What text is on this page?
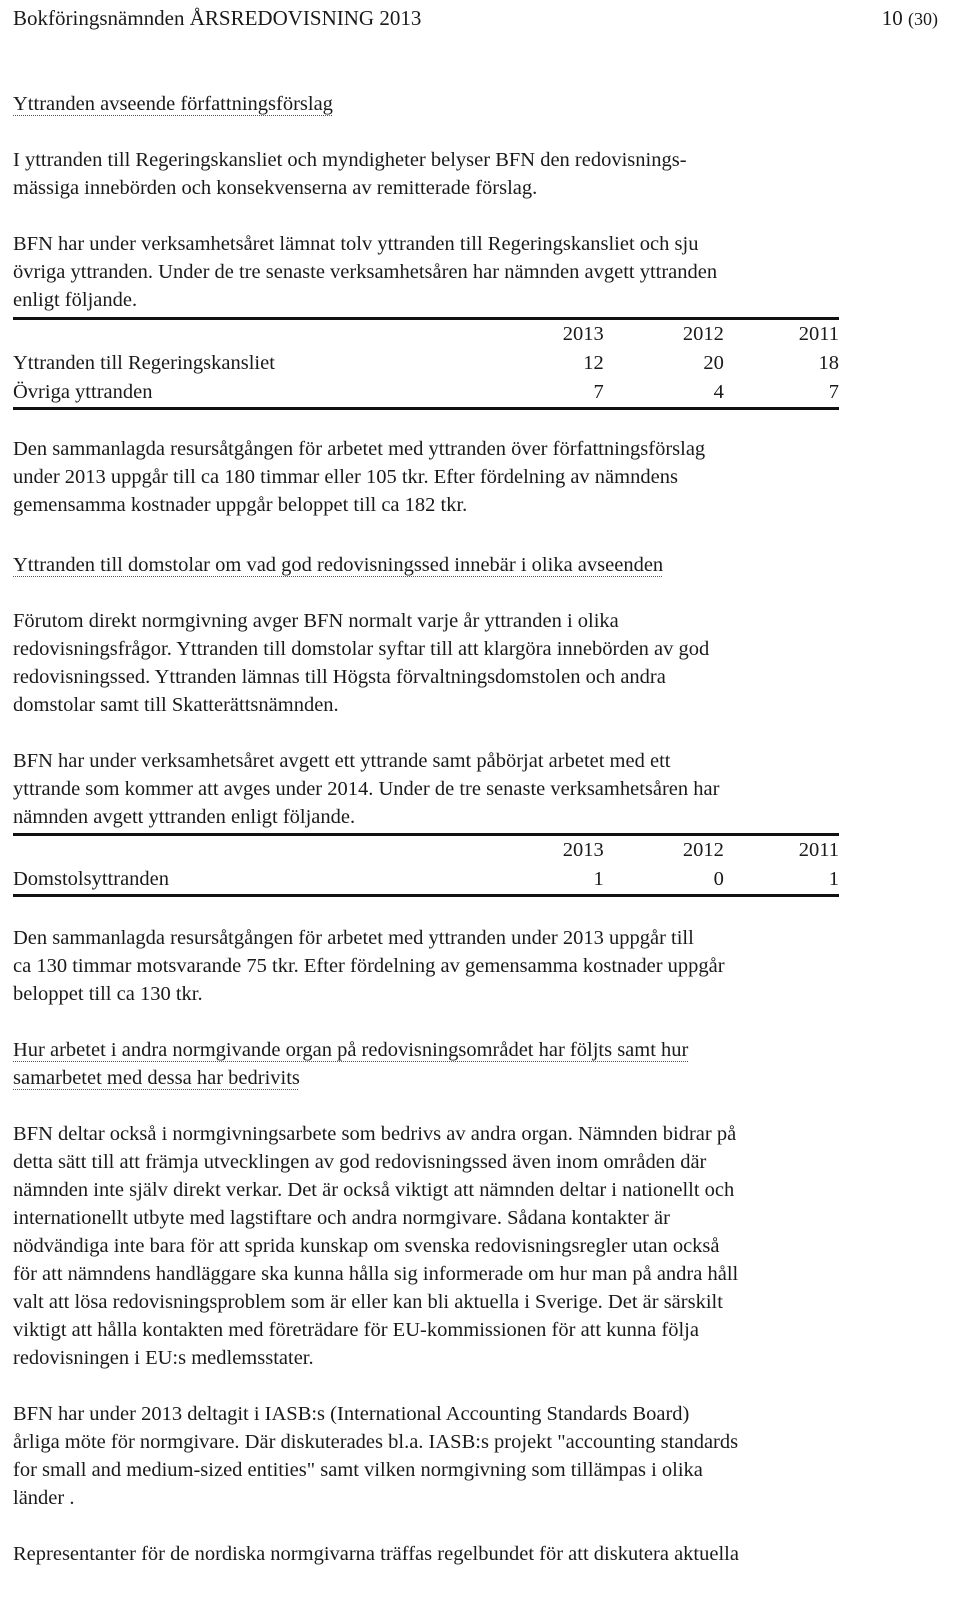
Bokföringsnämnden ÅRSREDOVISNING 2013	10 (30)
Yttranden avseende författningsförslag
I yttranden till Regeringskansliet och myndigheter belyser BFN den redovisnings-
mässiga innebörden och konsekvenserna av remitterade förslag.
BFN har under verksamhetsåret lämnat tolv yttranden till Regeringskansliet och sju
övriga yttranden. Under de tre senaste verksamhetsåren har nämnden avgett yttranden
enligt följande.
	2013	2012	2011
Yttranden till Regeringskansliet	12	20	18
Övriga yttranden	7	4	7
Den sammanlagda resursåtgången för arbetet med yttranden över författningsförslag
under 2013 uppgår till ca 180 timmar eller 105 tkr. Efter fördelning av nämndens
gemensamma kostnader uppgår beloppet till ca 182 tkr.
Yttranden till domstolar om vad god redovisningssed innebär i olika avseenden
Förutom direkt normgivning avger BFN normalt varje år yttranden i olika
redovisningsfrågor. Yttranden till domstolar syftar till att klargöra innebörden av god
redovisningssed. Yttranden lämnas till Högsta förvaltningsdomstolen och andra
domstolar samt till Skatterättsnämnden.
BFN har under verksamhetsåret avgett ett yttrande samt påbörjat arbetet med ett
yttrande som kommer att avges under 2014. Under de tre senaste verksamhetsåren har
nämnden avgett yttranden enligt följande.
	2013	2012	2011
Domstolsyttranden	1	0	1
Den sammanlagda resursåtgången för arbetet med yttranden under 2013 uppgår till
ca 130 timmar motsvarande 75 tkr. Efter fördelning av gemensamma kostnader uppgår
beloppet till ca 130 tkr.
Hur arbetet i andra normgivande organ på redovisningsområdet har följts samt hur
samarbetet med dessa har bedrivits
BFN deltar också i normgivningsarbete som bedrivs av andra organ. Nämnden bidrar på
detta sätt till att främja utvecklingen av god redovisningssed även inom områden där
nämnden inte själv direkt verkar. Det är också viktigt att nämnden deltar i nationellt och
internationellt utbyte med lagstiftare och andra normgivare. Sådana kontakter är
nödvändiga inte bara för att sprida kunskap om svenska redovisningsregler utan också
för att nämndens handläggare ska kunna hålla sig informerade om hur man på andra håll
valt att lösa redovisningsproblem som är eller kan bli aktuella i Sverige. Det är särskilt
viktigt att hålla kontakten med företrädare för EU-kommissionen för att kunna följa
redovisningen i EU:s medlemsstater.
BFN har under 2013 deltagit i IASB:s (International Accounting Standards Board)
årliga möte för normgivare. Där diskuterades bl.a. IASB:s projekt "accounting standards
for small and medium-sized entities" samt vilken normgivning som tillämpas i olika
länder .
Representanter för de nordiska normgivarna träffas regelbundet för att diskutera aktuella
